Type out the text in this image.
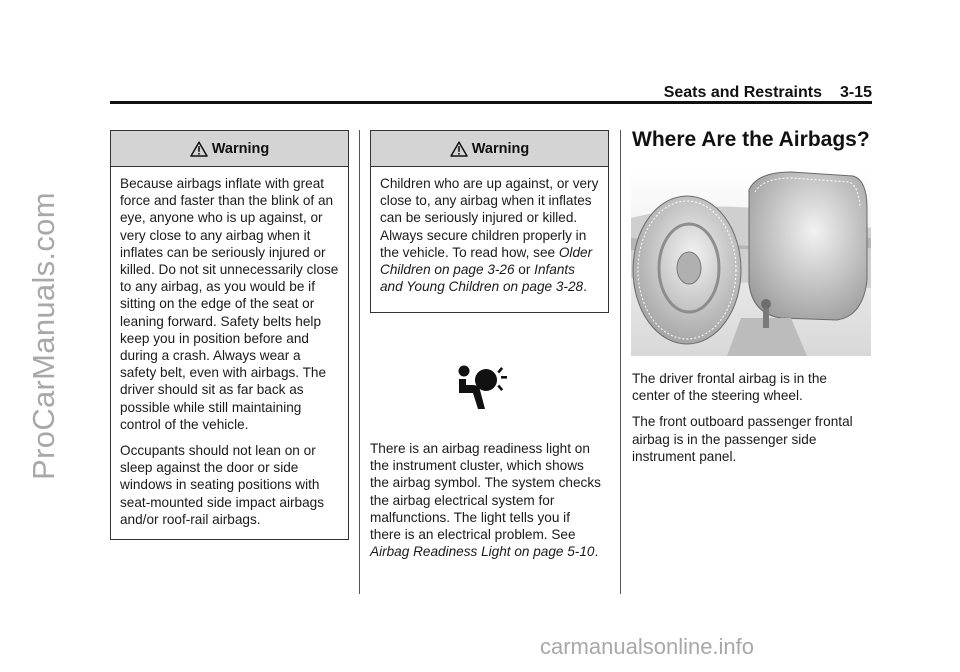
ProCarManuals.com
Seats and Restraints 3-15
Warning

Because airbags inflate with great force and faster than the blink of an eye, anyone who is up against, or very close to any airbag when it inflates can be seriously injured or killed. Do not sit unnecessarily close to any airbag, as you would be if sitting on the edge of the seat or leaning forward. Safety belts help keep you in position before and during a crash. Always wear a safety belt, even with airbags. The driver should sit as far back as possible while still maintaining control of the vehicle.

Occupants should not lean on or sleep against the door or side windows in seating positions with seat-mounted side impact airbags and/or roof-rail airbags.

Warning

Children who are up against, or very close to, any airbag when it inflates can be seriously injured or killed. Always secure children properly in the vehicle. To read how, see Older Children on page 3-26 or Infants and Young Children on page 3-28.

There is an airbag readiness light on the instrument cluster, which shows the airbag symbol. The system checks the airbag electrical system for malfunctions. The light tells you if there is an electrical problem. See Airbag Readiness Light on page 5-10.

Where Are the Airbags?

The driver frontal airbag is in the center of the steering wheel.

The front outboard passenger frontal airbag is in the passenger side instrument panel.

carmanualsonline.info
